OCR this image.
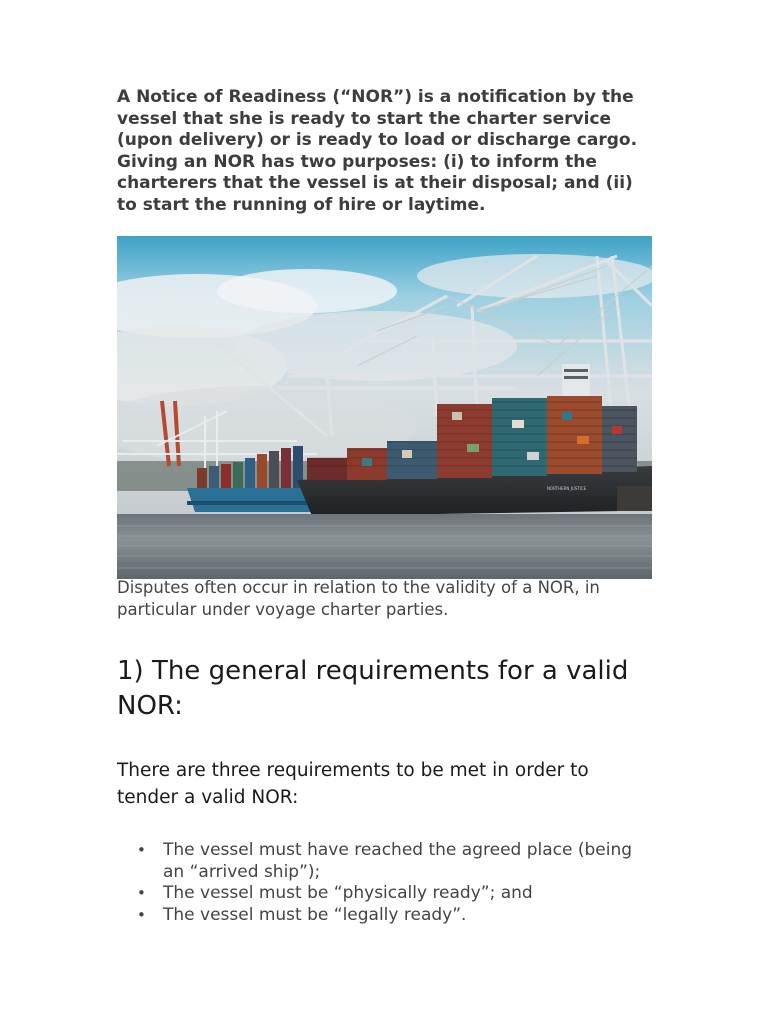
A Notice of Readiness (“NOR”) is a notification by the vessel that she is ready to start the charter service (upon delivery) or is ready to load or discharge cargo. Giving an NOR has two purposes: (i) to inform the charterers that the vessel is at their disposal; and (ii) to start the running of hire or laytime.

NORTHERN JUSTICE

Disputes often occur in relation to the validity of a NOR, in particular under voyage charter parties.

1) The general requirements for a valid NOR:

There are three requirements to be met in order to tender a valid NOR:

• The vessel must have reached the agreed place (being an “arrived ship”);
• The vessel must be “physically ready”; and
• The vessel must be “legally ready”.
